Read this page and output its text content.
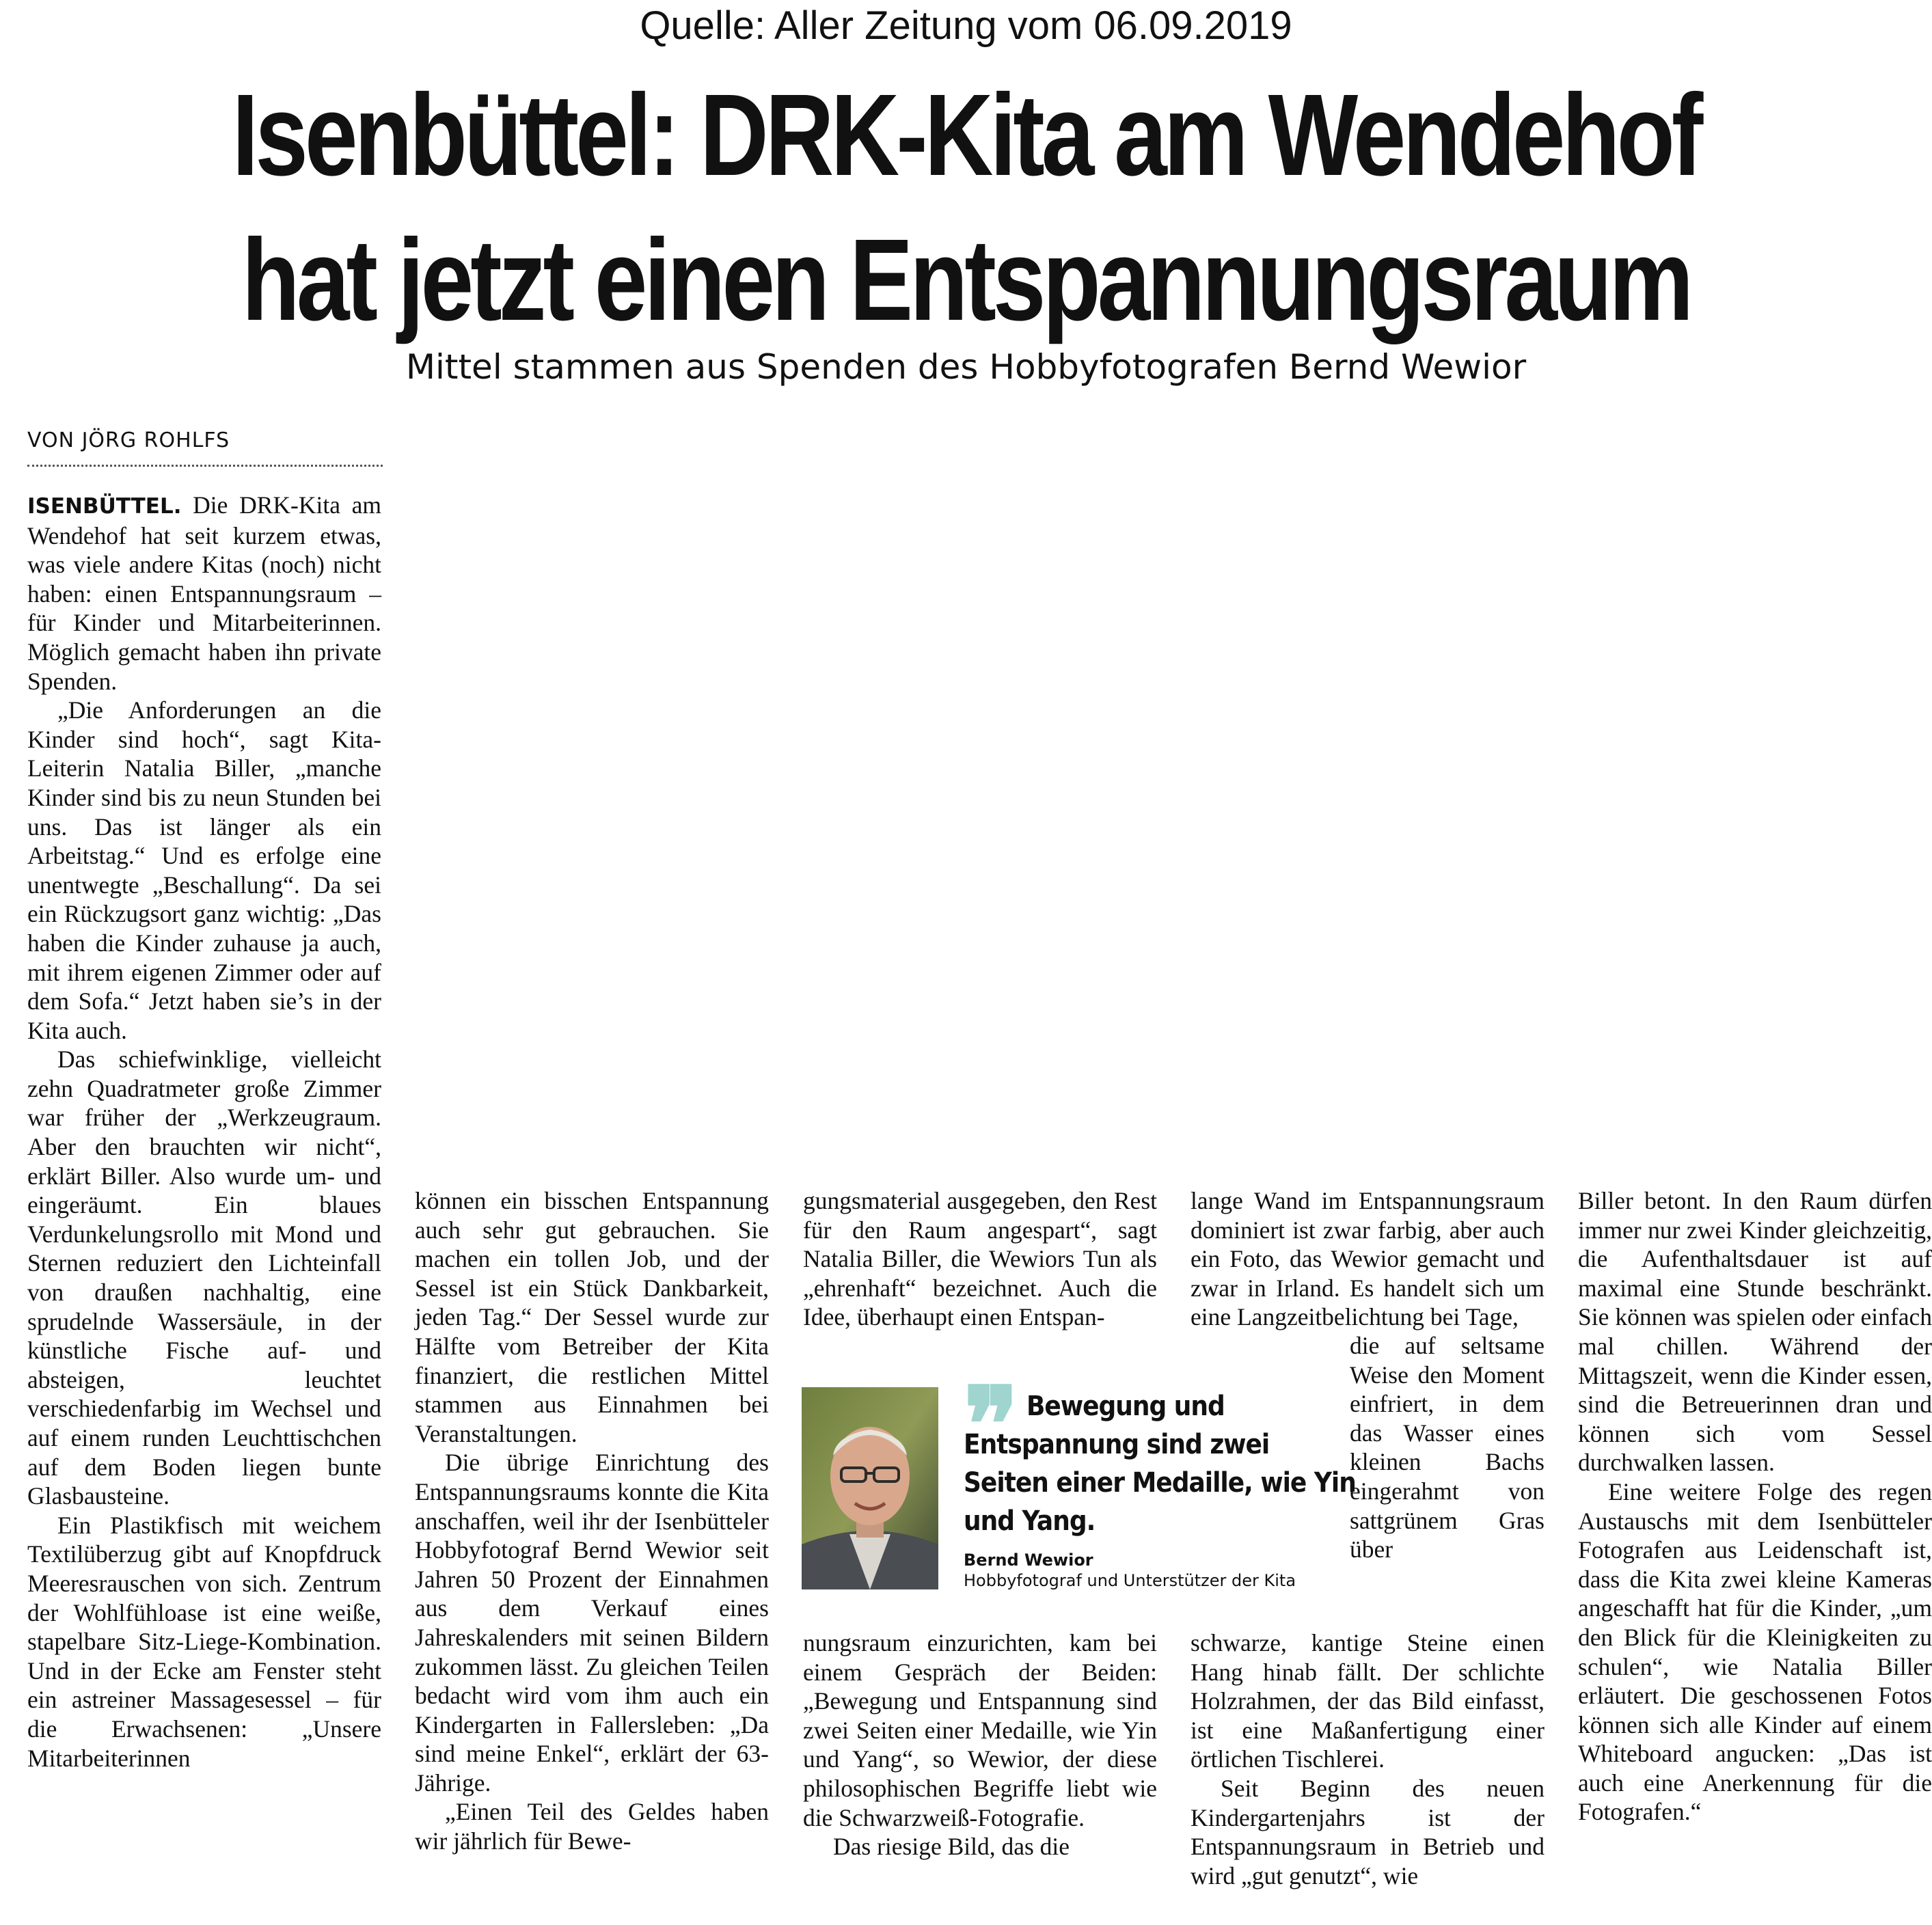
Quelle: Aller Zeitung vom 06.09.2019
Isenbüttel: DRK-Kita am Wendehof
hat jetzt einen Entspannungsraum
Mittel stammen aus Spenden des Hobbyfotografen Bernd Wewior
VON JÖRG ROHLFS

ISENBÜTTEL. Die DRK-Kita am Wendehof hat seit kurzem etwas, was viele andere Kitas (noch) nicht haben: einen Entspannungsraum – für Kinder und Mitarbeiterinnen. Möglich gemacht haben ihn private Spenden.

„Die Anforderungen an die Kinder sind hoch“, sagt Kita-Leiterin Natalia Biller, „manche Kinder sind bis zu neun Stunden bei uns. Das ist länger als ein Arbeitstag.“ Und es erfolge eine unentwegte „Beschallung“. Da sei ein Rückzugsort ganz wichtig: „Das haben die Kinder zuhause ja auch, mit ihrem eigenen Zimmer oder auf dem Sofa.“ Jetzt haben sie’s in der Kita auch.

Das schiefwinklige, vielleicht zehn Quadratmeter große Zimmer war früher der „Werkzeugraum. Aber den brauchten wir nicht“, erklärt Biller. Also wurde um- und eingeräumt. Ein blaues Verdunkelungsrollo mit Mond und Sternen reduziert den Lichteinfall von draußen nachhaltig, eine sprudelnde Wassersäule, in der künstliche Fische auf- und absteigen, leuchtet verschiedenfarbig im Wechsel und auf einem runden Leuchttischchen auf dem Boden liegen bunte Glasbausteine.

Ein Plastikfisch mit weichem Textilüberzug gibt auf Knopfdruck Meeresrauschen von sich. Zentrum der Wohlfühloase ist eine weiße, stapelbare Sitz-Liege-Kombination. Und in der Ecke am Fenster steht ein astreiner Massagesessel – für die Erwachsenen: „Unsere Mitarbeiterinnen

können ein bisschen Entspannung auch sehr gut gebrauchen. Sie machen ein tollen Job, und der Sessel ist ein Stück Dankbarkeit, jeden Tag.“ Der Sessel wurde zur Hälfte vom Betreiber der Kita finanziert, die restlichen Mittel stammen aus Einnahmen bei Veranstaltungen.

Die übrige Einrichtung des Entspannungsraums konnte die Kita anschaffen, weil ihr der Isenbütteler Hobbyfotograf Bernd Wewior seit Jahren 50 Prozent der Einnahmen aus dem Verkauf eines Jahreskalenders mit seinen Bildern zukommen lässt. Zu gleichen Teilen bedacht wird vom ihm auch ein Kindergarten in Fallersleben: „Da sind meine Enkel“, erklärt der 63-Jährige.

„Einen Teil des Geldes haben wir jährlich für Bewe-

gungsmaterial ausgegeben, den Rest für den Raum angespart“, sagt Natalia Biller, die Wewiors Tun als „ehrenhaft“ bezeichnet. Auch die Idee, überhaupt einen Entspan-

❞ Bewegung und Entspannung sind zwei Seiten einer Medaille, wie Yin und Yang.
Bernd Wewior
Hobbyfotograf und Unterstützer der Kita

nungsraum einzurichten, kam bei einem Gespräch der Beiden: „Bewegung und Entspannung sind zwei Seiten einer Medaille, wie Yin und Yang“, so Wewior, der diese philosophischen Begriffe liebt wie die Schwarzweiß-Fotografie.

Das riesige Bild, das die

lange Wand im Entspannungsraum dominiert ist zwar farbig, aber auch ein Foto, das Wewior gemacht und zwar in Irland. Es handelt sich um eine Langzeitbelichtung bei Tage,

die auf seltsame Weise den Moment einfriert, in dem das Wasser eines kleinen Bachs eingerahmt von sattgrünem Gras über

schwarze, kantige Steine einen Hang hinab fällt. Der schlichte Holzrahmen, der das Bild einfasst, ist eine Maßanfertigung einer örtlichen Tischlerei.

Seit Beginn des neuen Kindergartenjahrs ist der Entspannungsraum in Betrieb und wird „gut genutzt“, wie

Biller betont. In den Raum dürfen immer nur zwei Kinder gleichzeitig, die Aufenthaltsdauer ist auf maximal eine Stunde beschränkt. Sie können was spielen oder einfach mal chillen. Während der Mittagszeit, wenn die Kinder essen, sind die Betreuerinnen dran und können sich vom Sessel durchwalken lassen.

Eine weitere Folge des regen Austauschs mit dem Isenbütteler Fotografen aus Leidenschaft ist, dass die Kita zwei kleine Kameras angeschafft hat für die Kinder, „um den Blick für die Kleinigkeiten zu schulen“, wie Natalia Biller erläutert. Die geschossenen Fotos können sich alle Kinder auf einem Whiteboard angucken: „Das ist auch eine Anerkennung für die Fotografen.“
